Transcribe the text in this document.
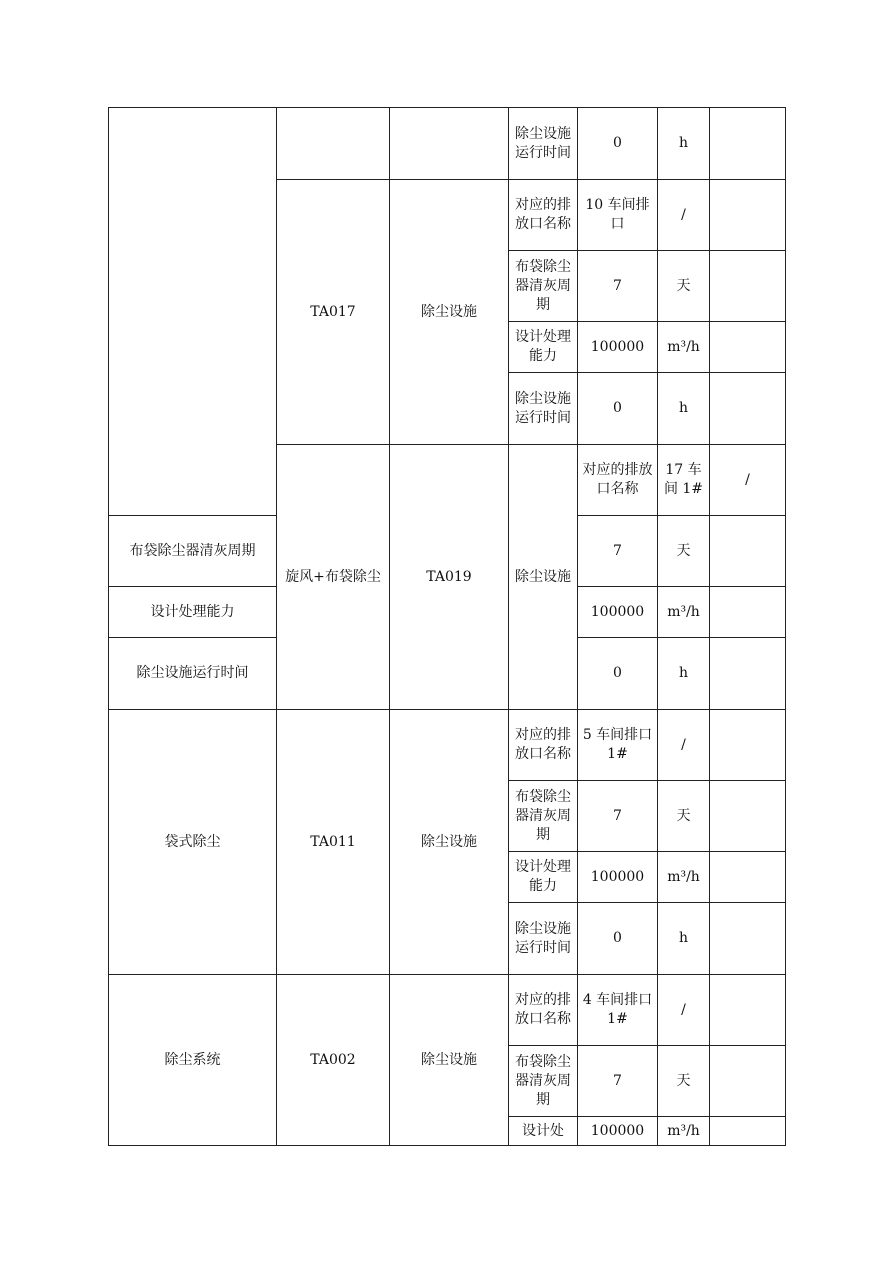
			除尘设施运行时间	0	h		
	TA017	除尘设施	对应的排放口名称	10 车间排口	/		
			布袋除尘器清灰周期	7	天		
			设计处理能力	100000	m³/h		
			除尘设施运行时间	0	h		
	旋风+布袋除尘	TA019	除尘设施	对应的排放口名称	17 车间 1#	/	
布袋除尘器清灰周期				7	天		
设计处理能力				100000	m³/h		
除尘设施运行时间				0	h		
袋式除尘	TA011	除尘设施	对应的排放口名称	5 车间排口 1#	/		
			布袋除尘器清灰周期	7	天		
			设计处理能力	100000	m³/h		
			除尘设施运行时间	0	h		
除尘系统	TA002	除尘设施	对应的排放口名称	4 车间排口 1#	/		
			布袋除尘器清灰周期	7	天		
			设计处	100000	m³/h		
